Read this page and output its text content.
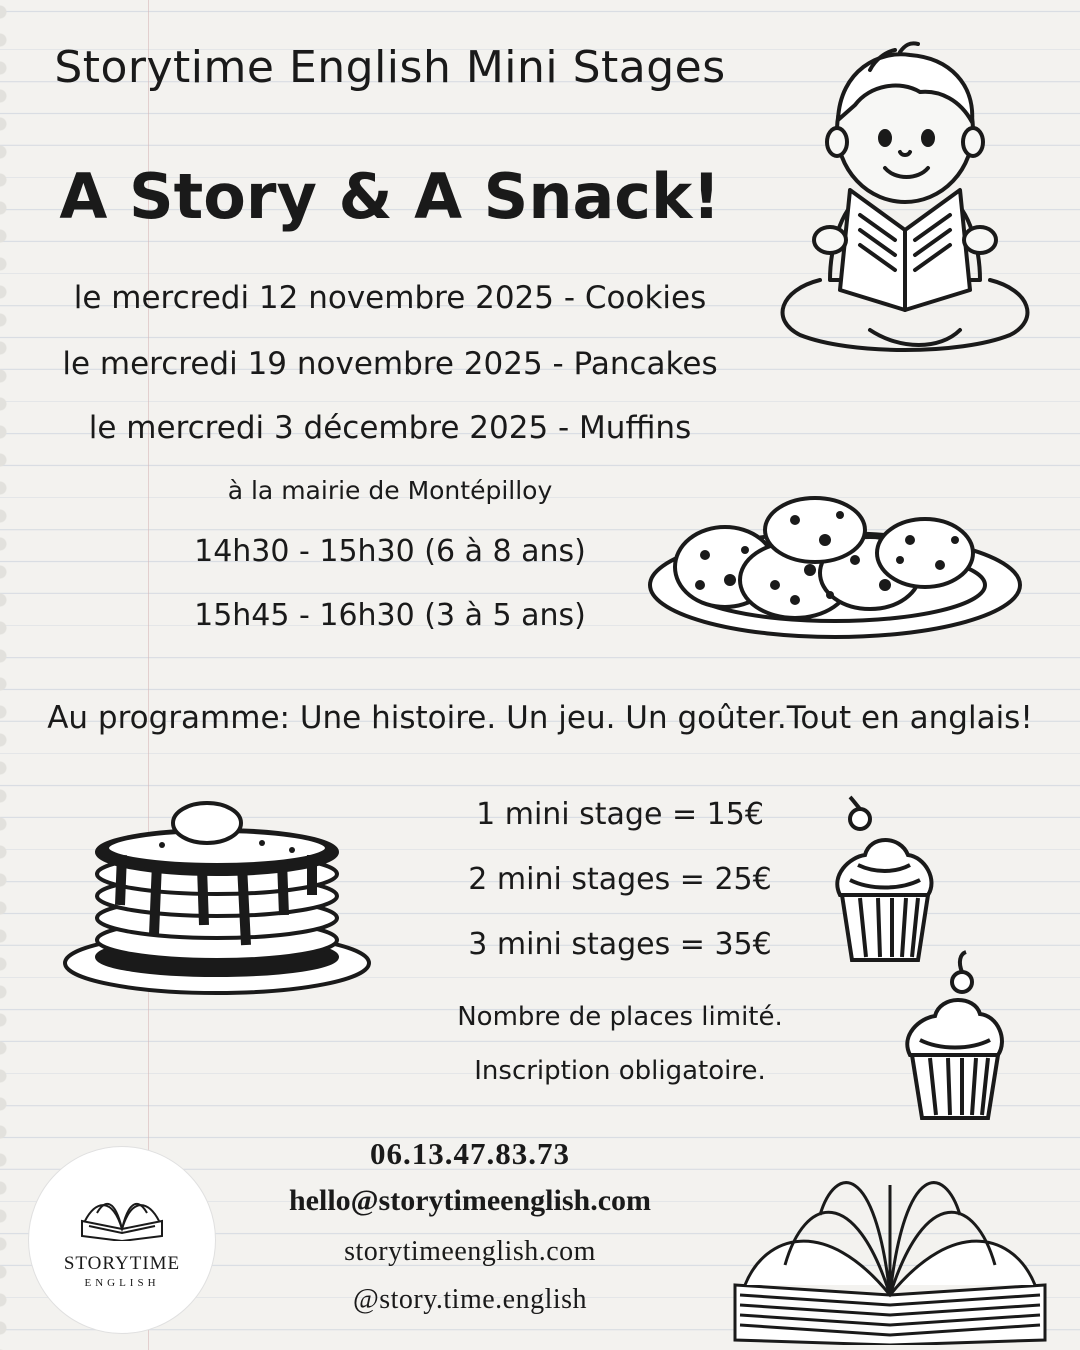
Storytime English Mini Stages
A Story & A Snack!
le mercredi 12 novembre 2025 - Cookies
le mercredi 19 novembre 2025 - Pancakes
le mercredi 3 décembre 2025 - Muffins
à la mairie de Montépilloy
14h30 - 15h30 (6 à 8 ans)
15h45 - 16h30 (3 à 5 ans)
Au programme: Une histoire. Un jeu. Un goûter.Tout en anglais!
1 mini stage = 15€
2 mini stages = 25€
3 mini stages = 35€
Nombre de places limité.
Inscription obligatoire.
06.13.47.83.73
hello@storytimeenglish.com
storytimeenglish.com
@story.time.english
STORYTIME
ENGLISH
